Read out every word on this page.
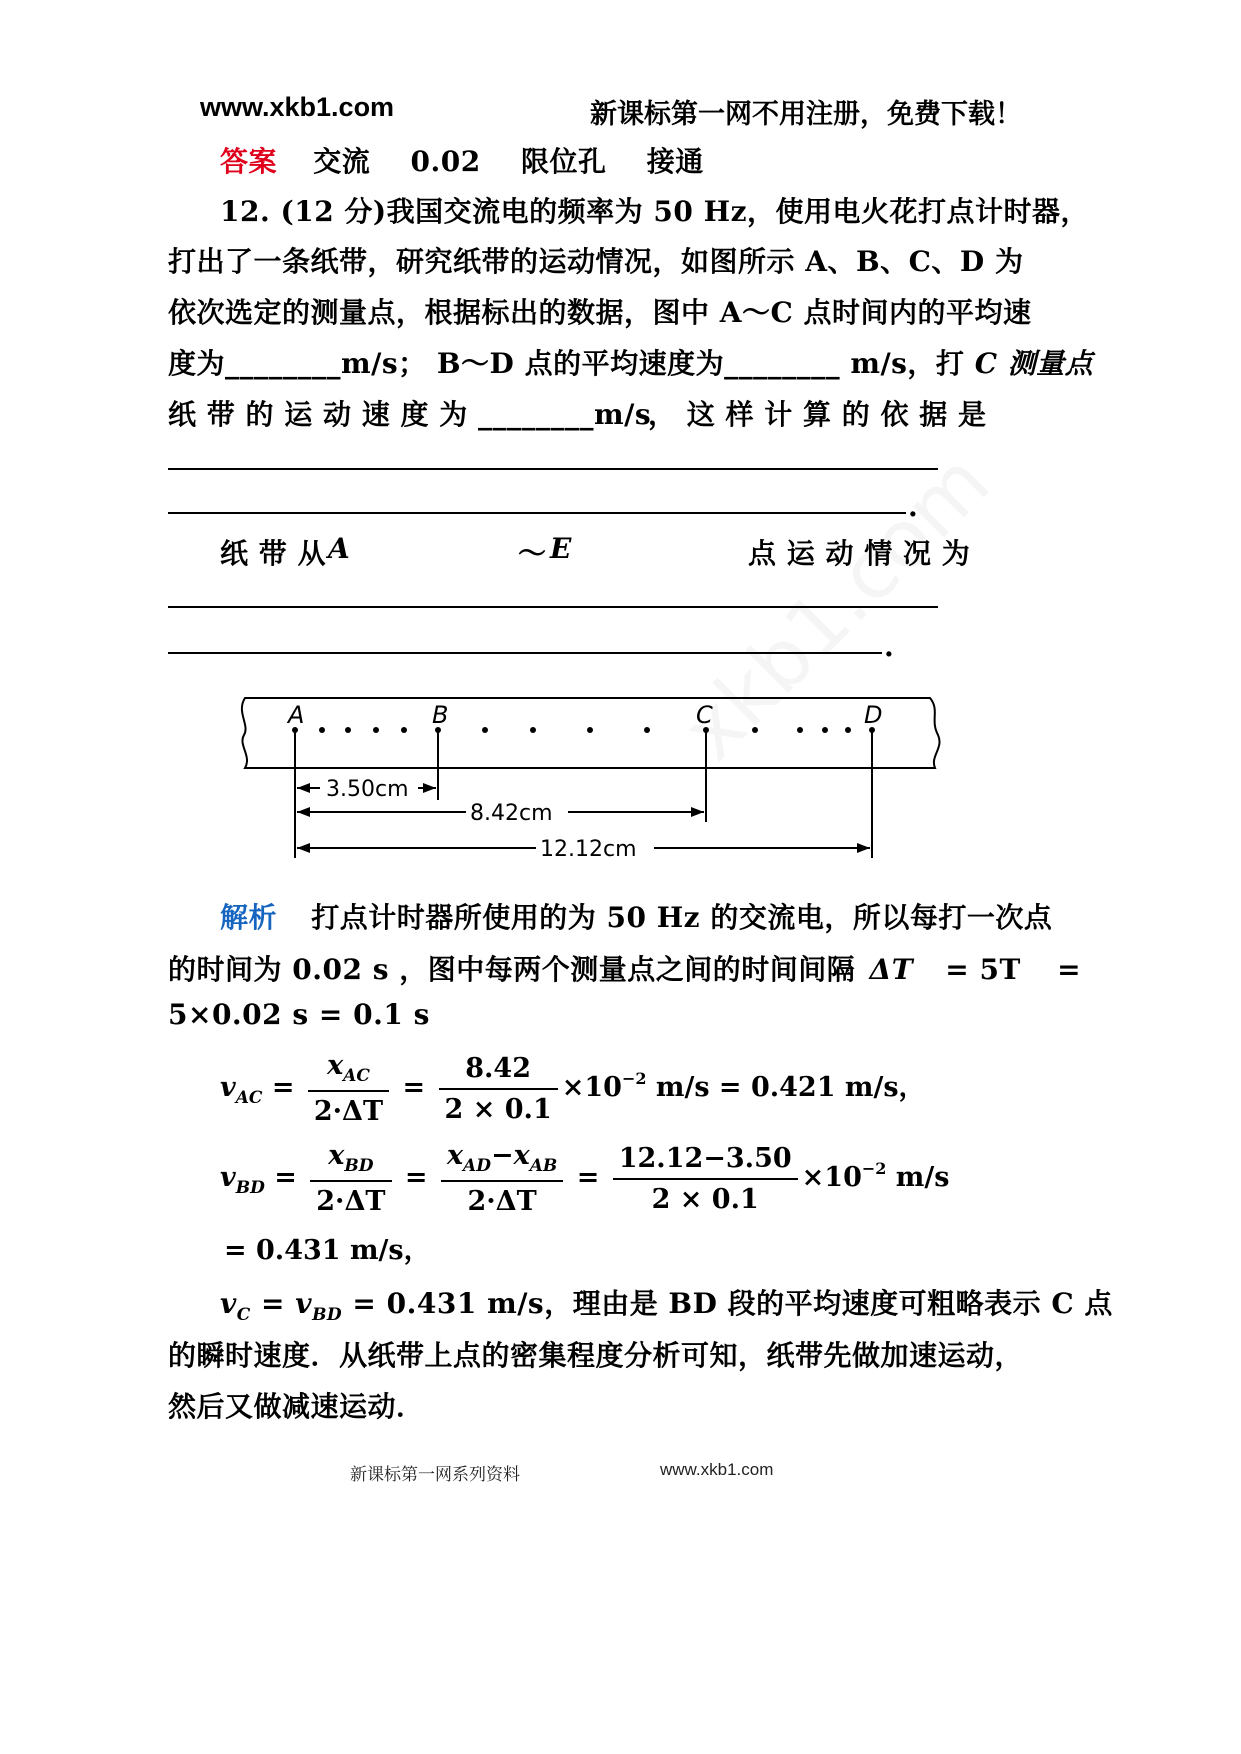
www.xkb1.com	新课标第一网不用注册，免费下载！
答案 交流 0.02 限位孔 接通
12. (12 分)我国交流电的频率为 50 Hz，使用电火花打点计时器，
打出了一条纸带，研究纸带的运动情况，如图所示 A、B、C、D 为
依次选定的测量点，根据标出的数据，图中 A～C 点时间内的平均速
度为________m/s； B～D 点的平均速度为________ m/s，打 C 测量点
纸 带 的 运 动 速 度 为 ________m/s
， 这 样 计 算 的 依 据 是
.
纸 带 从 A	～ E	点 运 动 情 况 为
.
A	B	C	D
3.50cm
8.42cm
12.12cm
解析 打点计时器所使用的为 50 Hz 的交流电，所以每打一次点
的时间为 0.02 s ，图中每两个测量点之间的时间间隔 ΔT = 5T =
5×0.02 s = 0.1 s
$v_{AC} = \frac{x_{AC}}{2\cdot\Delta T} = \frac{8.42}{2 \times 0.1} \times 10^{-2}$ m/s = 0.421 m/s，
$v_{BD} = \frac{x_{BD}}{2\cdot\Delta T} = \frac{x_{AD}-x_{AB}}{2\cdot\Delta T} = \frac{12.12-3.50}{2 \times 0.1} \times 10^{-2}$ m/s
= 0.431 m/s，
$v_C = v_{BD} = 0.431$ m/s，理由是 BD 段的平均速度可粗略表示 C 点
的瞬时速度．从纸带上点的密集程度分析可知，纸带先做加速运动，
然后又做减速运动．
新课标第一网系列资料	www.xkb1.com
